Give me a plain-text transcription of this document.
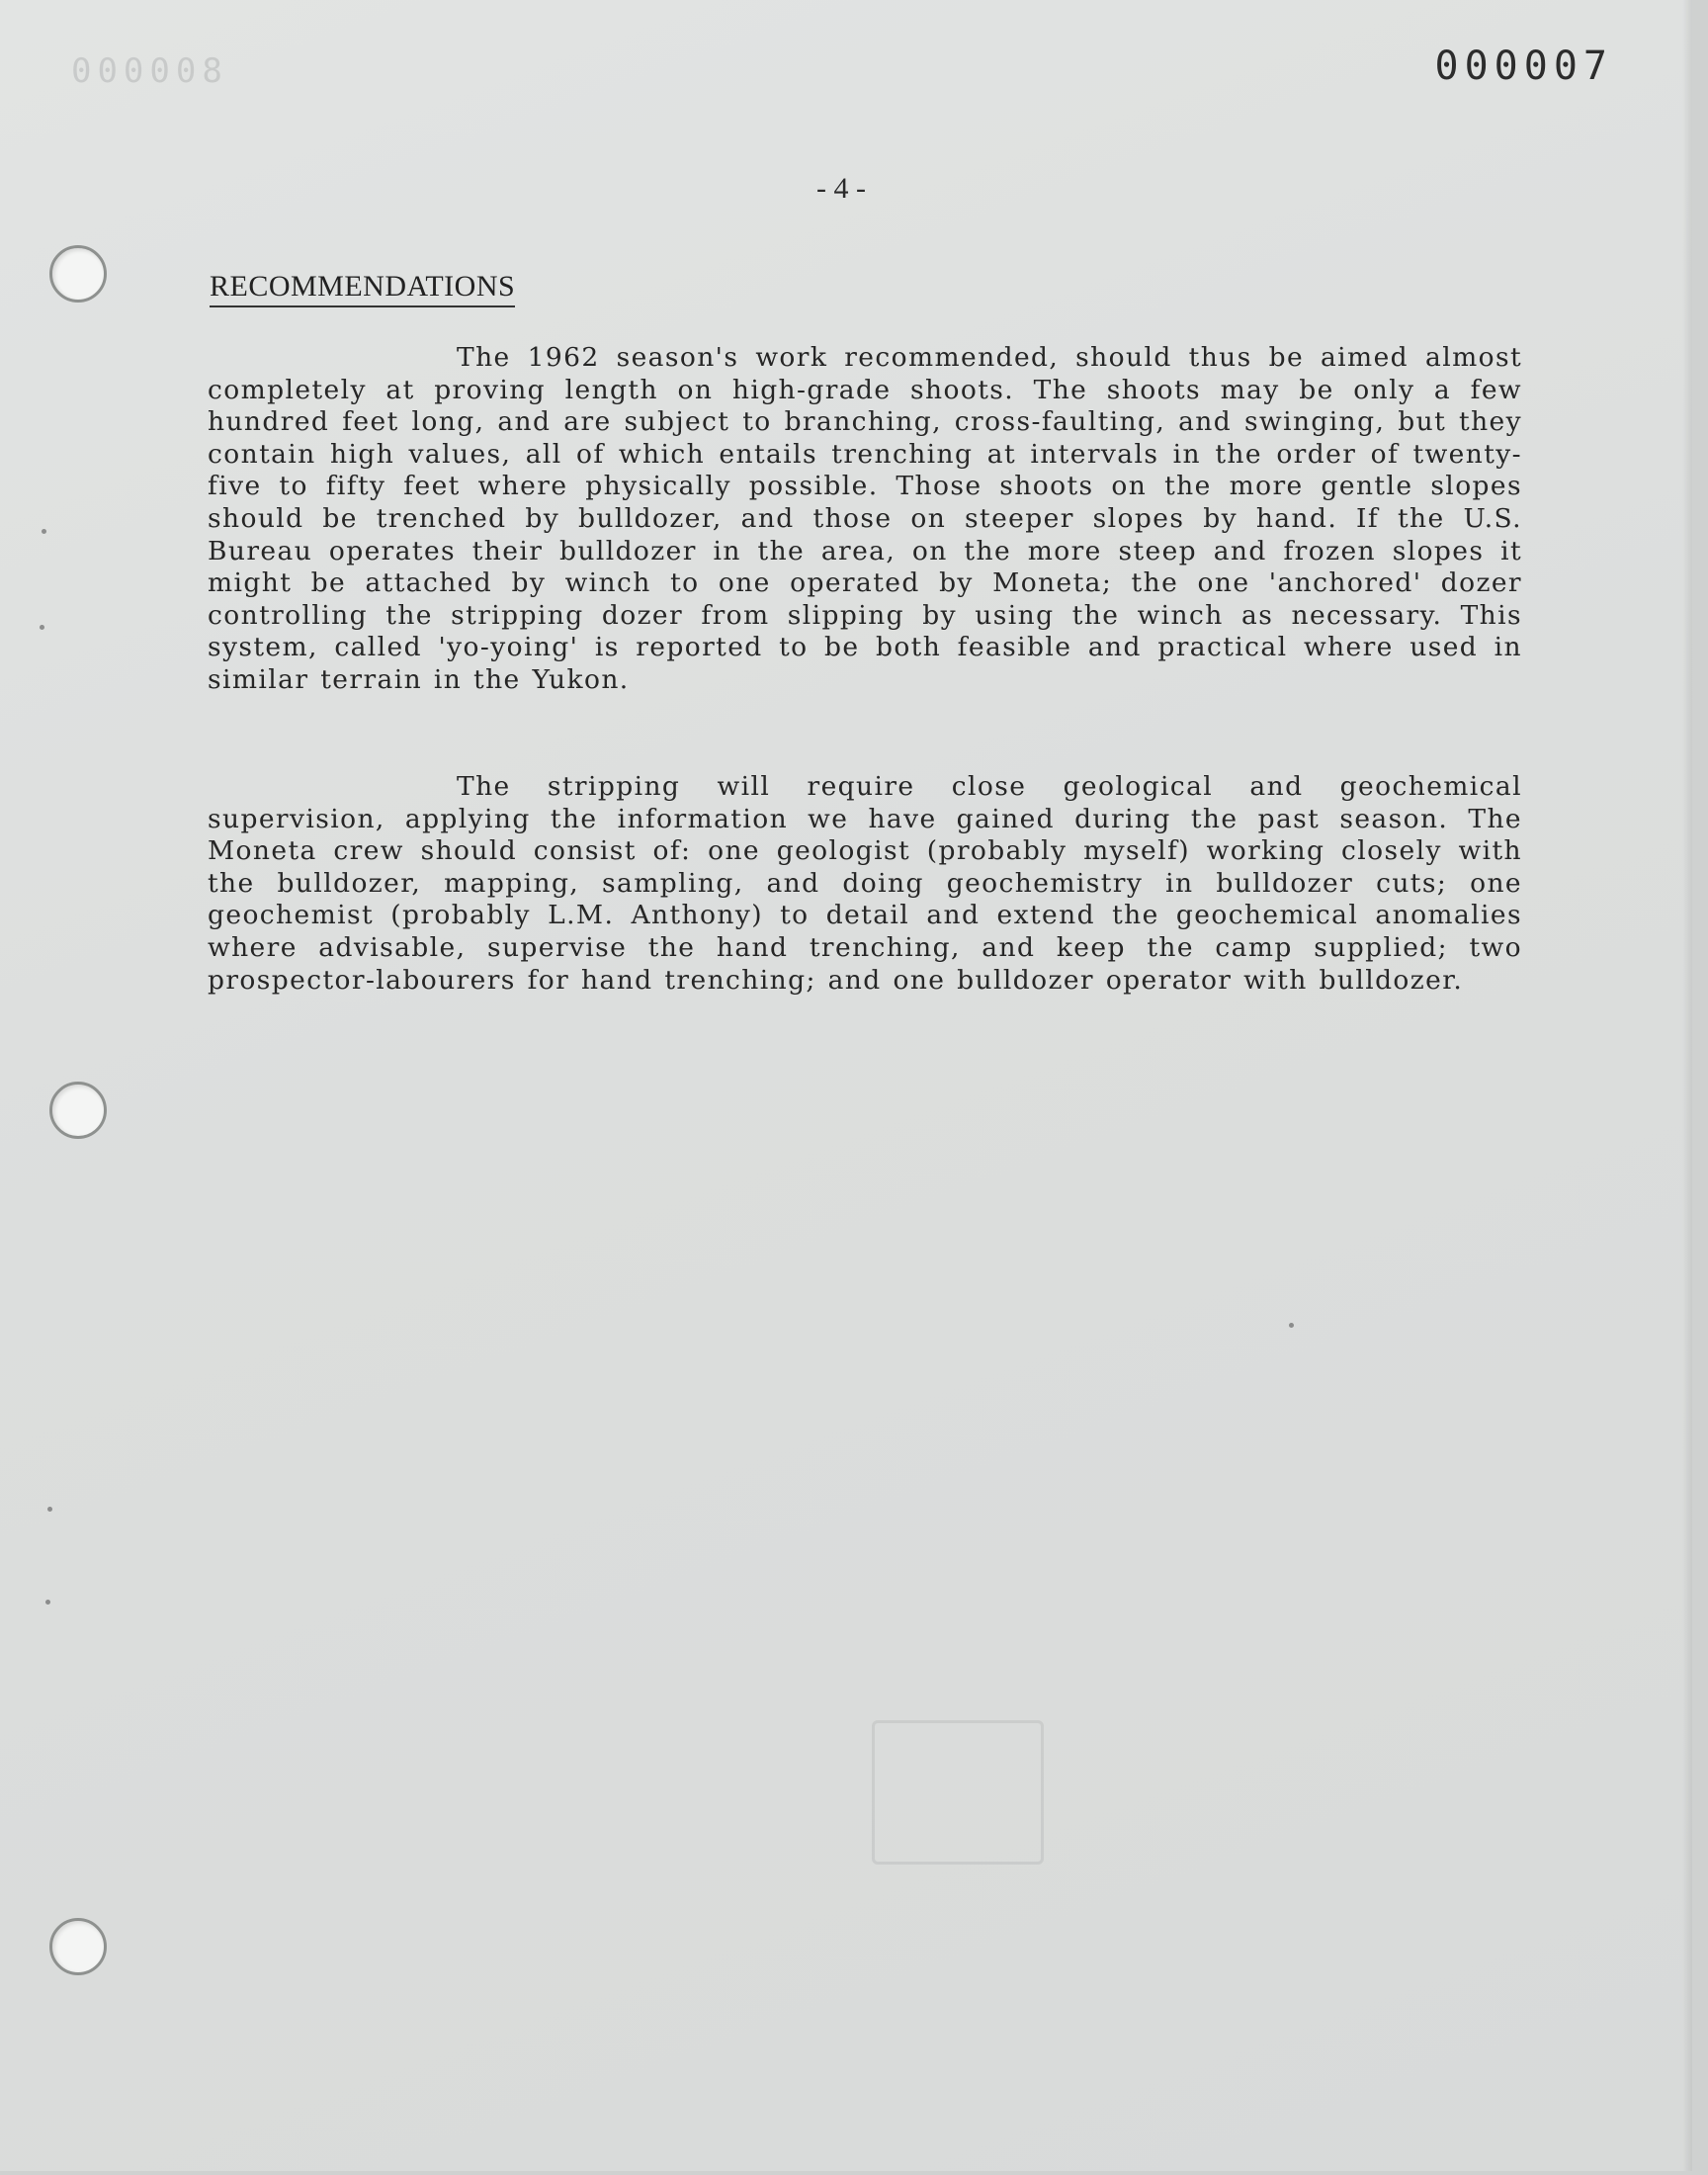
800000	000007
- 4 -
RECOMMENDATIONS

The 1962 season's work recommended, should thus be aimed almost completely at proving length on high-grade shoots. The shoots may be only a few hundred feet long, and are subject to branching, cross-faulting, and swinging, but they contain high values, all of which entails trenching at intervals in the order of twenty-five to fifty feet where physically possible. Those shoots on the more gentle slopes should be trenched by bulldozer, and those on steeper slopes by hand. If the U.S. Bureau operates their bulldozer in the area, on the more steep and frozen slopes it might be attached by winch to one operated by Moneta; the one 'anchored' dozer controlling the stripping dozer from slipping by using the winch as necessary. This system, called 'yo-yoing' is reported to be both feasible and practical where used in similar terrain in the Yukon.

The stripping will require close geological and geochemical supervision, applying the information we have gained during the past season. The Moneta crew should consist of: one geologist (probably myself) working closely with the bulldozer, mapping, sampling, and doing geochemistry in bulldozer cuts; one geochemist (probably L.M. Anthony) to detail and extend the geochemical anomalies where advisable, supervise the hand trenching, and keep the camp supplied; two prospector-labourers for hand trenching; and one bulldozer operator with bulldozer.
